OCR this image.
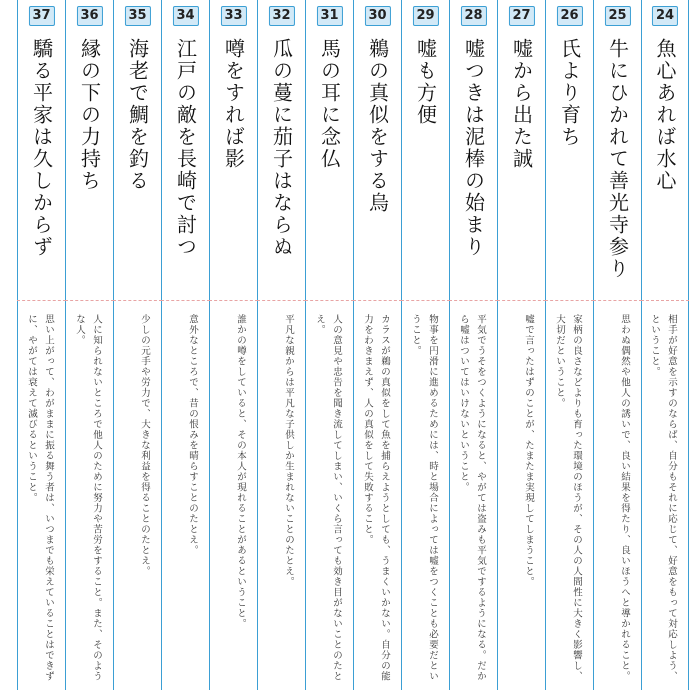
24
魚心あれば水心
相手が好意を示すのならば、自分もそれに応じて、好意をもって対応しよう、ということ。
25
牛にひかれて善光寺参り
思わぬ偶然や他人の誘いで、良い結果を得たり、良いほうへと導かれること。
26
氏より育ち
家柄の良さなどよりも育った環境のほうが、その人の人間性に大きく影響し、大切だということ。
27
嘘から出た誠
嘘で言ったはずのことが、たまたま実現してしまうこと。
28
嘘つきは泥棒の始まり
平気でうそをつくようになると、やがては盗みも平気でするようになる。だから嘘はついてはいけないということ。
29
嘘も方便
物事を円滑に進めるためには、時と場合によっては嘘をつくことも必要だということ。
30
鵜の真似をする烏
カラスが鵜の真似をして魚を捕らえようとしても、うまくいかない。自分の能力をわきまえず、人の真似をして失敗すること。
31
馬の耳に念仏
人の意見や忠告を聞き流してしまい、いくら言っても効き目がないことのたとえ。
32
瓜の蔓に茄子はならぬ
平凡な親からは平凡な子供しか生まれないことのたとえ。
33
噂をすれば影
誰かの噂をしていると、その本人が現れることがあるということ。
34
江戸の敵を長崎で討つ
意外なところで、昔の恨みを晴らすことのたとえ。
35
海老で鯛を釣る
少しの元手や労力で、大きな利益を得ることのたとえ。
36
縁の下の力持ち
人に知られないところで他人のために努力や苦労をすること。また、そのような人。
37
驕る平家は久しからず
思い上がって、わがままに振る舞う者は、いつまでも栄えていることはできずに、やがては衰えて滅びるということ。
